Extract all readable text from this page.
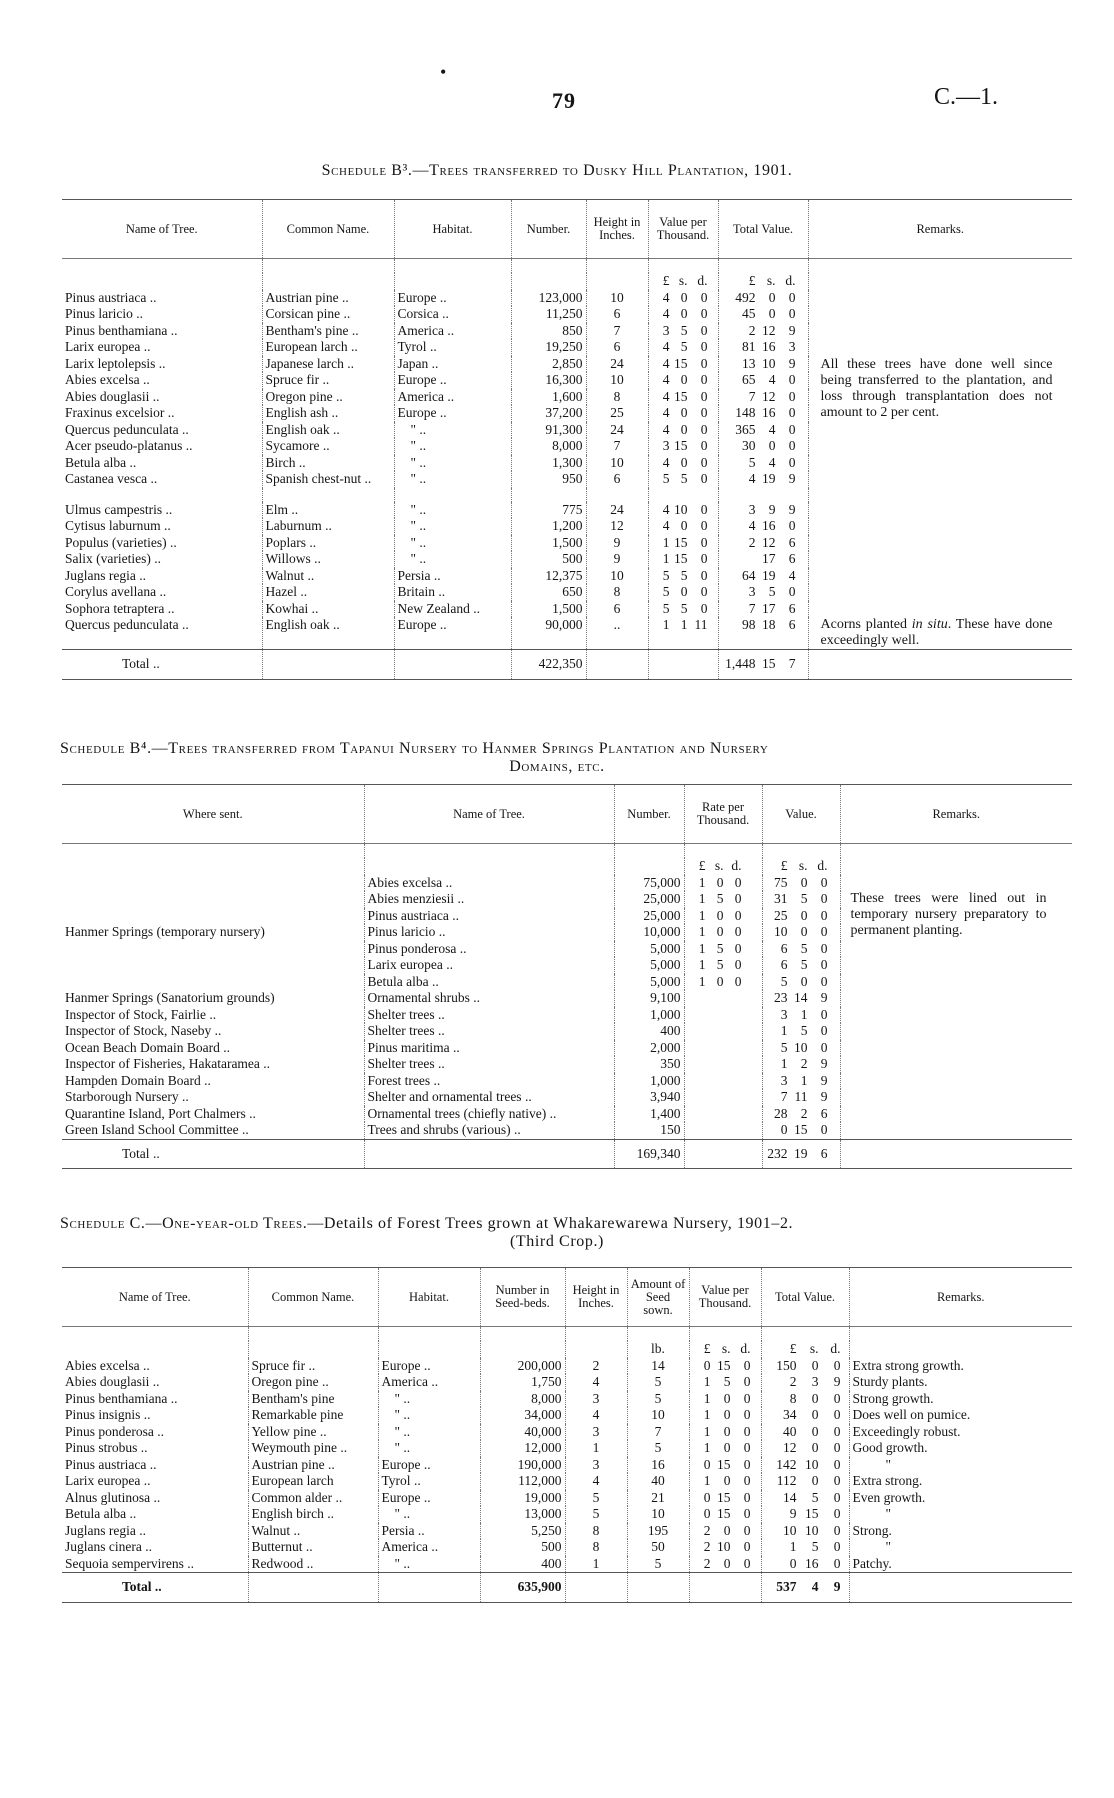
•
79	C.—1.
Schedule B³.—Trees transferred to Dusky Hill Plantation, 1901.
Name of Tree.	Common Name.	Habitat.	Number.	Height in Inches.	Value per Thousand.	Total Value.	Remarks.

					£ s. d.	£ s. d.	
Pinus austriaca ..	Austrian pine ..	Europe ..	123,000	10	4 0 0	492 0 0	All these trees have done well since being transferred to the plantation, and loss through transplantation does not amount to 2 per cent.

Pinus laricio ..	Corsican pine ..	Corsica ..	11,250	6	4 0 0	45 0 0	
Pinus benthamiana ..	Bentham's pine ..	America ..	850	7	3 5 0	2 12 9	
Larix europea ..	European larch ..	Tyrol ..	19,250	6	4 5 0	81 16 3	
Larix leptolepsis ..	Japanese larch ..	Japan ..	2,850	24	4 15 0	13 10 9	
Abies excelsa ..	Spruce fir ..	Europe ..	16,300	10	4 0 0	65 4 0	
Abies douglasii ..	Oregon pine ..	America ..	1,600	8	4 15 0	7 12 0	
Fraxinus excelsior ..	English ash ..	Europe ..	37,200	25	4 0 0	148 16 0	
Quercus pedunculata ..	English oak ..	" ..	91,300	24	4 0 0	365 4 0	
Acer pseudo-platanus ..	Sycamore ..	" ..	8,000	7	3 15 0	30 0 0	
Betula alba ..	Birch ..	" ..	1,300	10	4 0 0	5 4 0	
Castanea vesca ..	Spanish chest-nut ..	" ..	950	6	5 5 0	4 19 9	

Ulmus campestris ..	Elm ..	" ..	775	24	4 10 0	3 9 9	
Cytisus laburnum ..	Laburnum ..	" ..	1,200	12	4 0 0	4 16 0	
Populus (varieties) ..	Poplars ..	" ..	1,500	9	1 15 0	2 12 6	
Salix (varieties) ..	Willows ..	" ..	500	9	1 15 0	17 6	
Juglans regia ..	Walnut ..	Persia ..	12,375	10	5 5 0	64 19 4	
Corylus avellana ..	Hazel ..	Britain ..	650	8	5 0 0	3 5 0	
Sophora tetraptera ..	Kowhai ..	New Zealand ..	1,500	6	5 5 0	7 17 6	
Quercus pedunculata ..	English oak ..	Europe ..	90,000	..	1 1 11	98 18 6	Acorns planted in situ. These have done exceedingly well.

Total ..			422,350			1,448 15 7	
Schedule B⁴.—Trees transferred from Tapanui Nursery to Hanmer Springs Plantation and Nursery
Domains, etc.
Where sent.	Name of Tree.	Number.	Rate per Thousand.	Value.	Remarks.

			£ s. d.	£ s. d.	
Hanmer Springs (temporary nursery)	Abies excelsa ..	75,000	1 0 0	75 0 0	These trees were lined out in temporary nursery preparatory to permanent planting.

	Abies menziesii ..	25,000	1 5 0	31 5 0	
	Pinus austriaca ..	25,000	1 0 0	25 0 0	
	Pinus laricio ..	10,000	1 0 0	10 0 0	
	Pinus ponderosa ..	5,000	1 5 0	6 5 0	
	Larix europea ..	5,000	1 5 0	6 5 0	
	Betula alba ..	5,000	1 0 0	5 0 0	
Hanmer Springs (Sanatorium grounds)	Ornamental shrubs ..	9,100		23 14 9	
Inspector of Stock, Fairlie ..	Shelter trees ..	1,000		3 1 0	
Inspector of Stock, Naseby ..	Shelter trees ..	400		1 5 0	
Ocean Beach Domain Board ..	Pinus maritima ..	2,000		5 10 0	
Inspector of Fisheries, Hakataramea ..	Shelter trees ..	350		1 2 9	
Hampden Domain Board ..	Forest trees ..	1,000		3 1 9	
Starborough Nursery ..	Shelter and ornamental trees ..	3,940		7 11 9	
Quarantine Island, Port Chalmers ..	Ornamental trees (chiefly native) ..	1,400		28 2 6	
Green Island School Committee ..	Trees and shrubs (various) ..	150		0 15 0	
Total ..		169,340		232 19 6	
Schedule C.—One-year-old Trees.—Details of Forest Trees grown at Whakarewarewa Nursery, 1901–2.
(Third Crop.)
Name of Tree.	Common Name.	Habitat.	Number in Seed-beds.	Height in Inches.	Amount of Seed sown.	Value per Thousand.	Total Value.	Remarks.

					lb.	£ s. d.	£ s. d.	
Abies excelsa ..	Spruce fir ..	Europe ..	200,000	2	14	0 15 0	150 0 0	Extra strong growth.
Abies douglasii ..	Oregon pine ..	America ..	1,750	4	5	1 5 0	2 3 9	Sturdy plants.
Pinus benthamiana ..	Bentham's pine	" ..	8,000	3	5	1 0 0	8 0 0	Strong growth.
Pinus insignis ..	Remarkable pine	" ..	34,000	4	10	1 0 0	34 0 0	Does well on pumice.
Pinus ponderosa ..	Yellow pine ..	" ..	40,000	3	7	1 0 0	40 0 0	Exceedingly robust.
Pinus strobus ..	Weymouth pine ..	" ..	12,000	1	5	1 0 0	12 0 0	Good growth.
Pinus austriaca ..	Austrian pine ..	Europe ..	190,000	3	16	0 15 0	142 10 0	"
Larix europea ..	European larch	Tyrol ..	112,000	4	40	1 0 0	112 0 0	Extra strong.
Alnus glutinosa ..	Common alder ..	Europe ..	19,000	5	21	0 15 0	14 5 0	Even growth.
Betula alba ..	English birch ..	" ..	13,000	5	10	0 15 0	9 15 0	"
Juglans regia ..	Walnut ..	Persia ..	5,250	8	195	2 0 0	10 10 0	Strong.
Juglans cinera ..	Butternut ..	America ..	500	8	50	2 10 0	1 5 0	"
Sequoia sempervirens ..	Redwood ..	" ..	400	1	5	2 0 0	0 16 0	Patchy.
Total ..			635,900				537 4 9	
